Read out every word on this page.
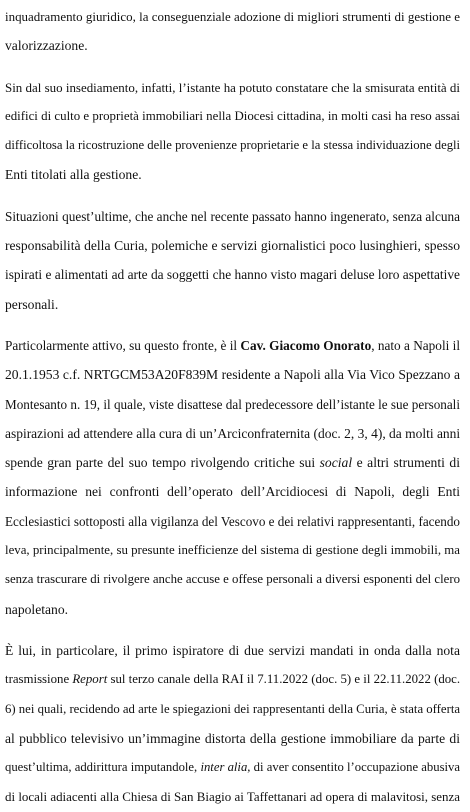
inquadramento giuridico, la conseguenziale adozione di migliori strumenti di gestione e
valorizzazione.
Sin dal suo insediamento, infatti, l’istante ha potuto constatare che la smisurata entità di
edifici di culto e proprietà immobiliari nella Diocesi cittadina, in molti casi ha reso assai
difficoltosa la ricostruzione delle provenienze proprietarie e la stessa individuazione degli
Enti titolati alla gestione.
Situazioni quest’ultime, che anche nel recente passato hanno ingenerato, senza alcuna
responsabilità della Curia, polemiche e servizi giornalistici poco lusinghieri, spesso
ispirati e alimentati ad arte da soggetti che hanno visto magari deluse loro aspettative
personali.
Particolarmente attivo, su questo fronte, è il Cav. Giacomo Onorato, nato a Napoli il
20.1.1953 c.f. NRTGCM53A20F839M residente a Napoli alla Via Vico Spezzano a
Montesanto n. 19, il quale, viste disattese dal predecessore dell’istante le sue personali
aspirazioni ad attendere alla cura di un’Arciconfraternita (doc. 2, 3, 4), da molti anni
spende gran parte del suo tempo rivolgendo critiche sui social e altri strumenti di
informazione nei confronti dell’operato dell’Arcidiocesi di Napoli, degli Enti
Ecclesiastici sottoposti alla vigilanza del Vescovo e dei relativi rappresentanti, facendo
leva, principalmente, su presunte inefficienze del sistema di gestione degli immobili, ma
senza trascurare di rivolgere anche accuse e offese personali a diversi esponenti del clero
napoletano.
È lui, in particolare, il primo ispiratore di due servizi mandati in onda dalla nota
trasmissione Report sul terzo canale della RAI il 7.11.2022 (doc. 5) e il 22.11.2022 (doc.
6) nei quali, recidendo ad arte le spiegazioni dei rappresentanti della Curia, è stata offerta
al pubblico televisivo un’immagine distorta della gestione immobiliare da parte di
quest’ultima, addirittura imputandole, inter alia, di aver consentito l’occupazione abusiva
di locali adiacenti alla Chiesa di San Biagio ai Taffettanari ad opera di malavitosi, senza
